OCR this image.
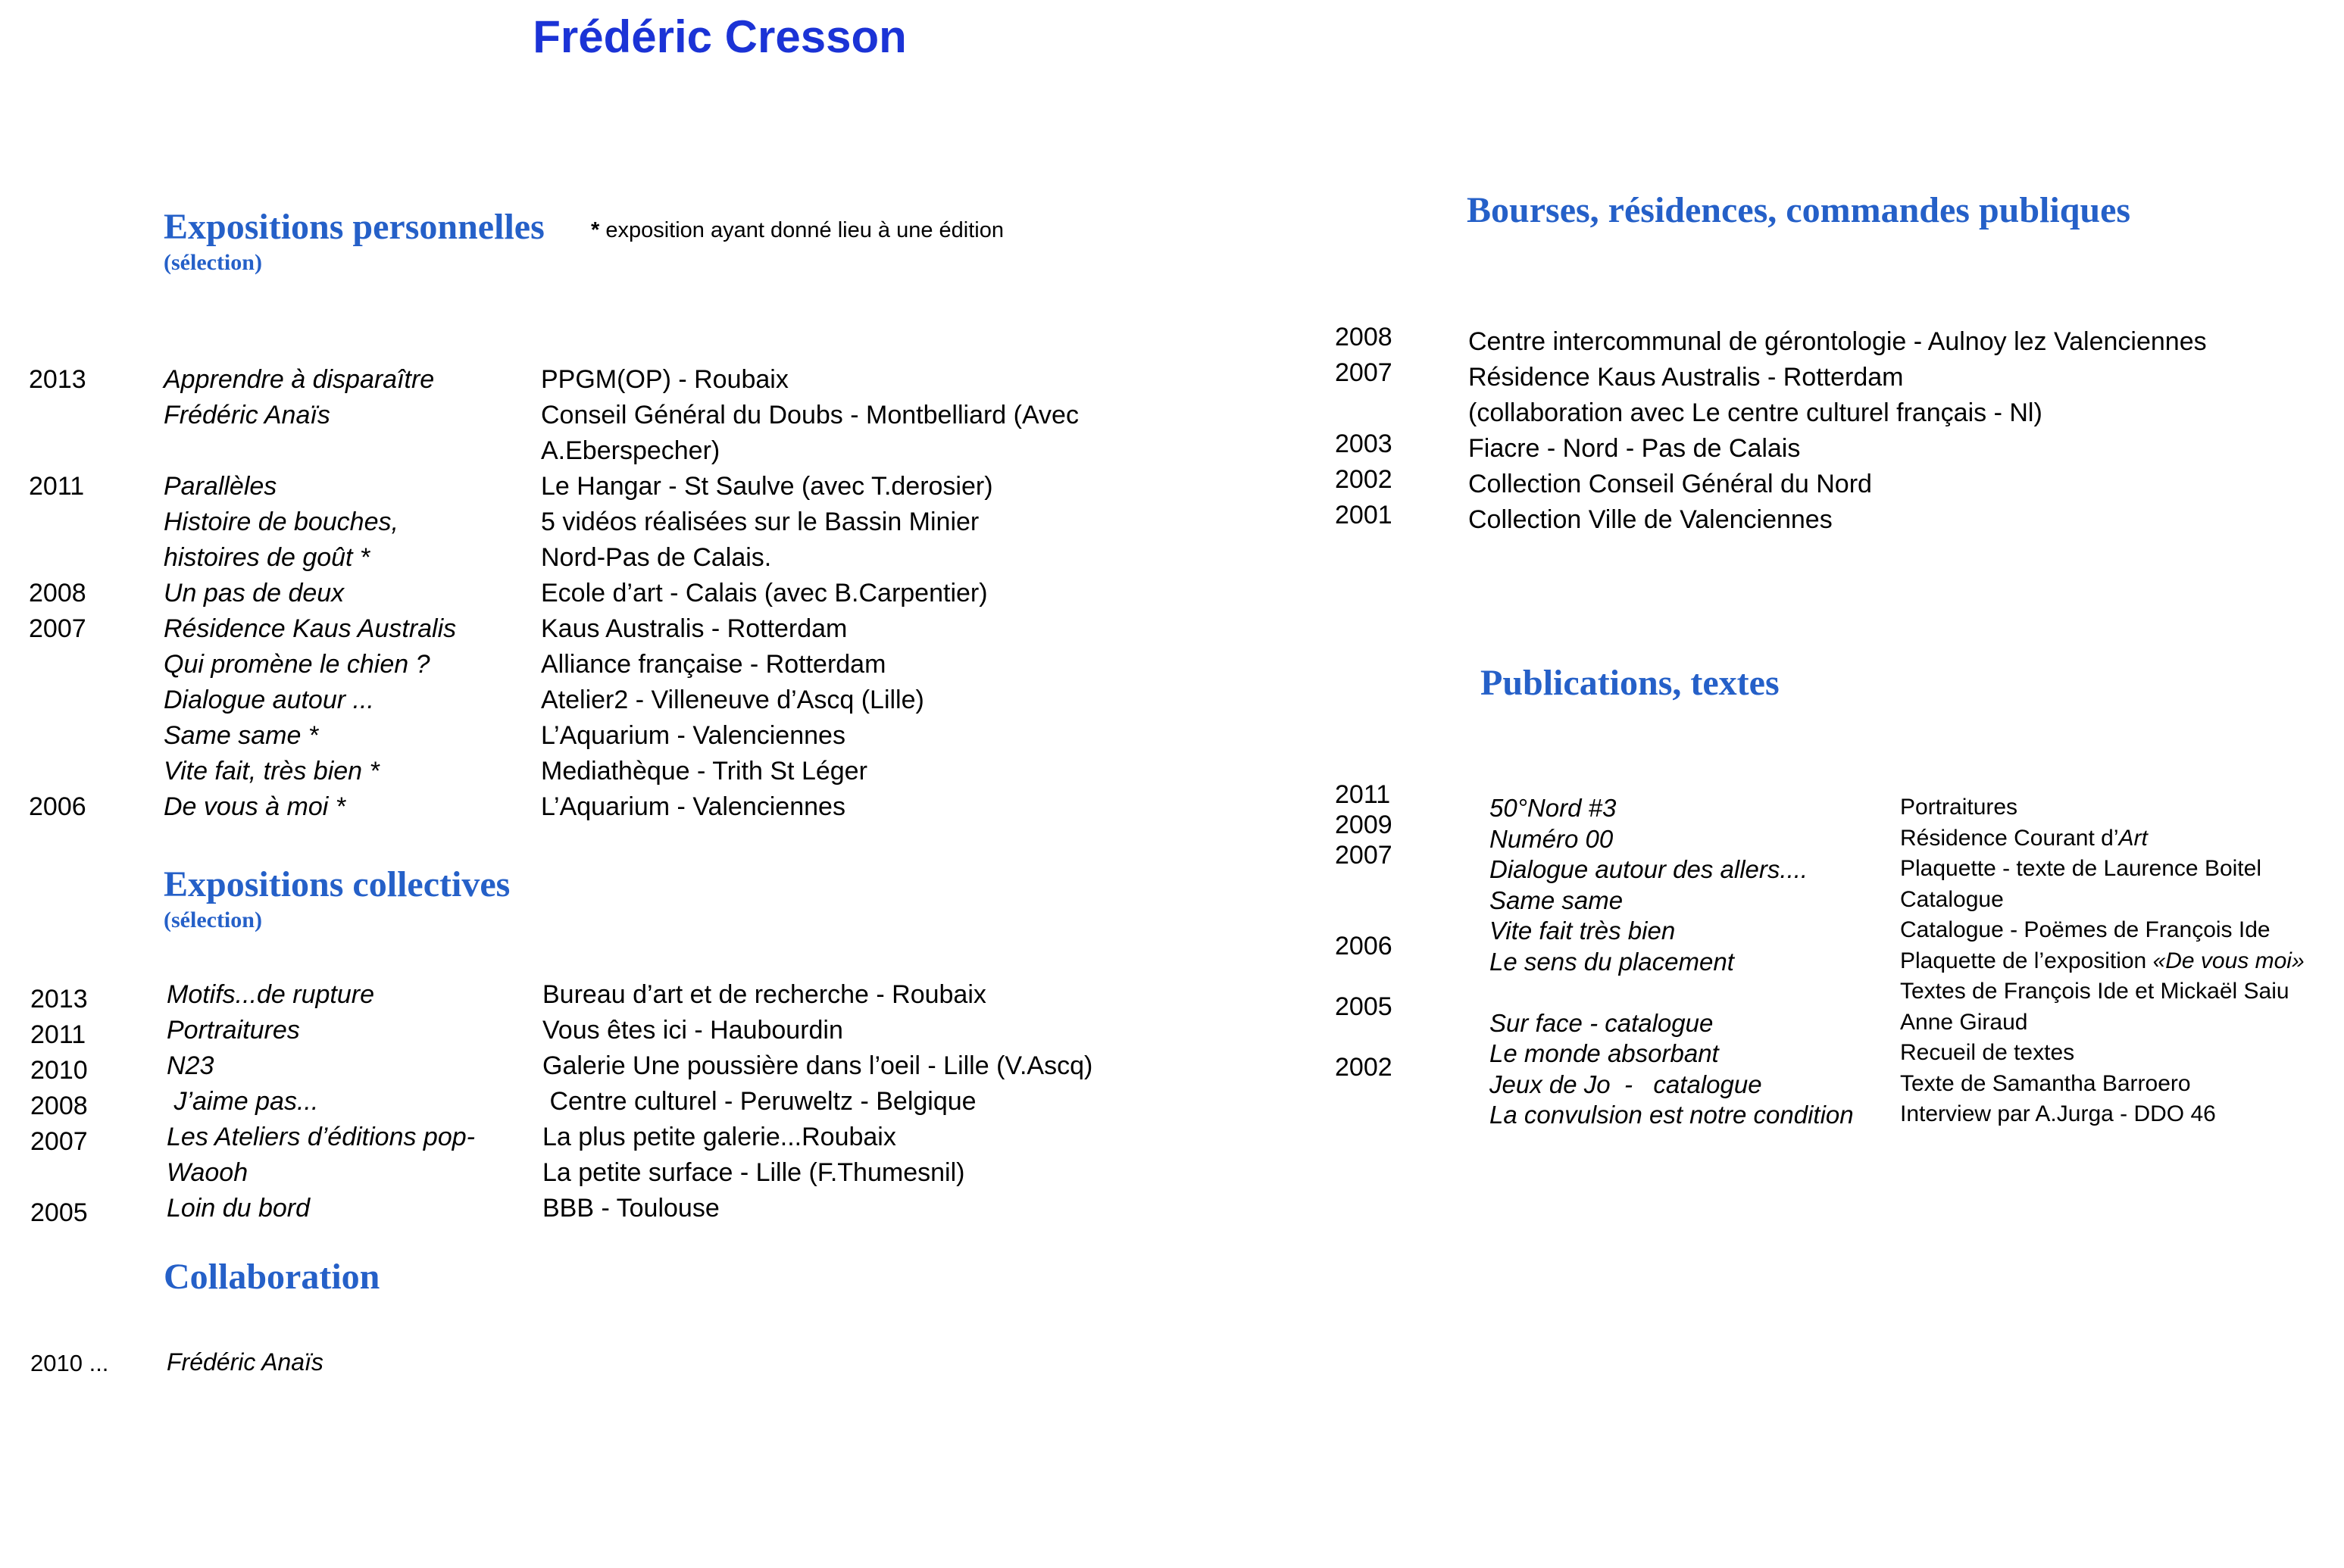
Frédéric Cresson
Expositions personnelles
(sélection)
* exposition ayant donné lieu à une édition
2013

2011

2008
2007

2006
Apprendre à disparaître
Frédéric Anaïs

Parallèles
Histoire de bouches,
histoires de goût *
Un pas de deux
Résidence Kaus Australis
Qui promène le chien ?
Dialogue autour ...
Same same *
Vite fait, très bien *
De vous à moi *
PPGM(OP) - Roubaix
Conseil Général du Doubs - Montbelliard (Avec
A.Eberspecher)
Le Hangar - St Saulve (avec T.derosier)
5 vidéos réalisées sur le Bassin Minier
Nord-Pas de Calais.
Ecole d’art - Calais (avec B.Carpentier)
Kaus Australis - Rotterdam
Alliance française - Rotterdam
Atelier2 - Villeneuve d’Ascq (Lille)
L’Aquarium - Valenciennes
Mediathèque - Trith St Léger
L’Aquarium - Valenciennes
Expositions collectives
(sélection)
2013
2011
2010
2008
2007

2005
Motifs...de rupture
Portraitures
N23
J’aime pas...
Les Ateliers d’éditions pop-
Waooh
Loin du bord
Bureau d’art et de recherche - Roubaix
Vous êtes ici - Haubourdin
Galerie Une poussière dans l’oeil - Lille (V.Ascq)
Centre culturel - Peruweltz - Belgique
La plus petite galerie...Roubaix
La petite surface - Lille (F.Thumesnil)
BBB - Toulouse
Collaboration
2010 ... Frédéric Anaïs
Bourses, résidences, commandes publiques
2008
2007

2003
2002
2001
Centre intercommunal de gérontologie - Aulnoy lez Valenciennes
Résidence Kaus Australis - Rotterdam
(collaboration avec Le centre culturel français - Nl)
Fiacre - Nord - Pas de Calais
Collection Conseil Général du Nord
Collection Ville de Valenciennes
Publications, textes
2011
2009
2007
2006
2005
2002
50°Nord #3
Numéro 00
Dialogue autour des allers....
Same same
Vite fait très bien
Le sens du placement

Sur face - catalogue
Le monde absorbant
Jeux de Jo  -   catalogue
La convulsion est notre condition
Portraitures
Résidence Courant d’Art
Plaquette - texte de Laurence Boitel
Catalogue
Catalogue - Poëmes de François Ide
Plaquette de l’exposition «De vous moi»
Textes de François Ide et Mickaël Saiu
Anne Giraud
Recueil de textes
Texte de Samantha Barroero
Interview par A.Jurga - DDO 46
